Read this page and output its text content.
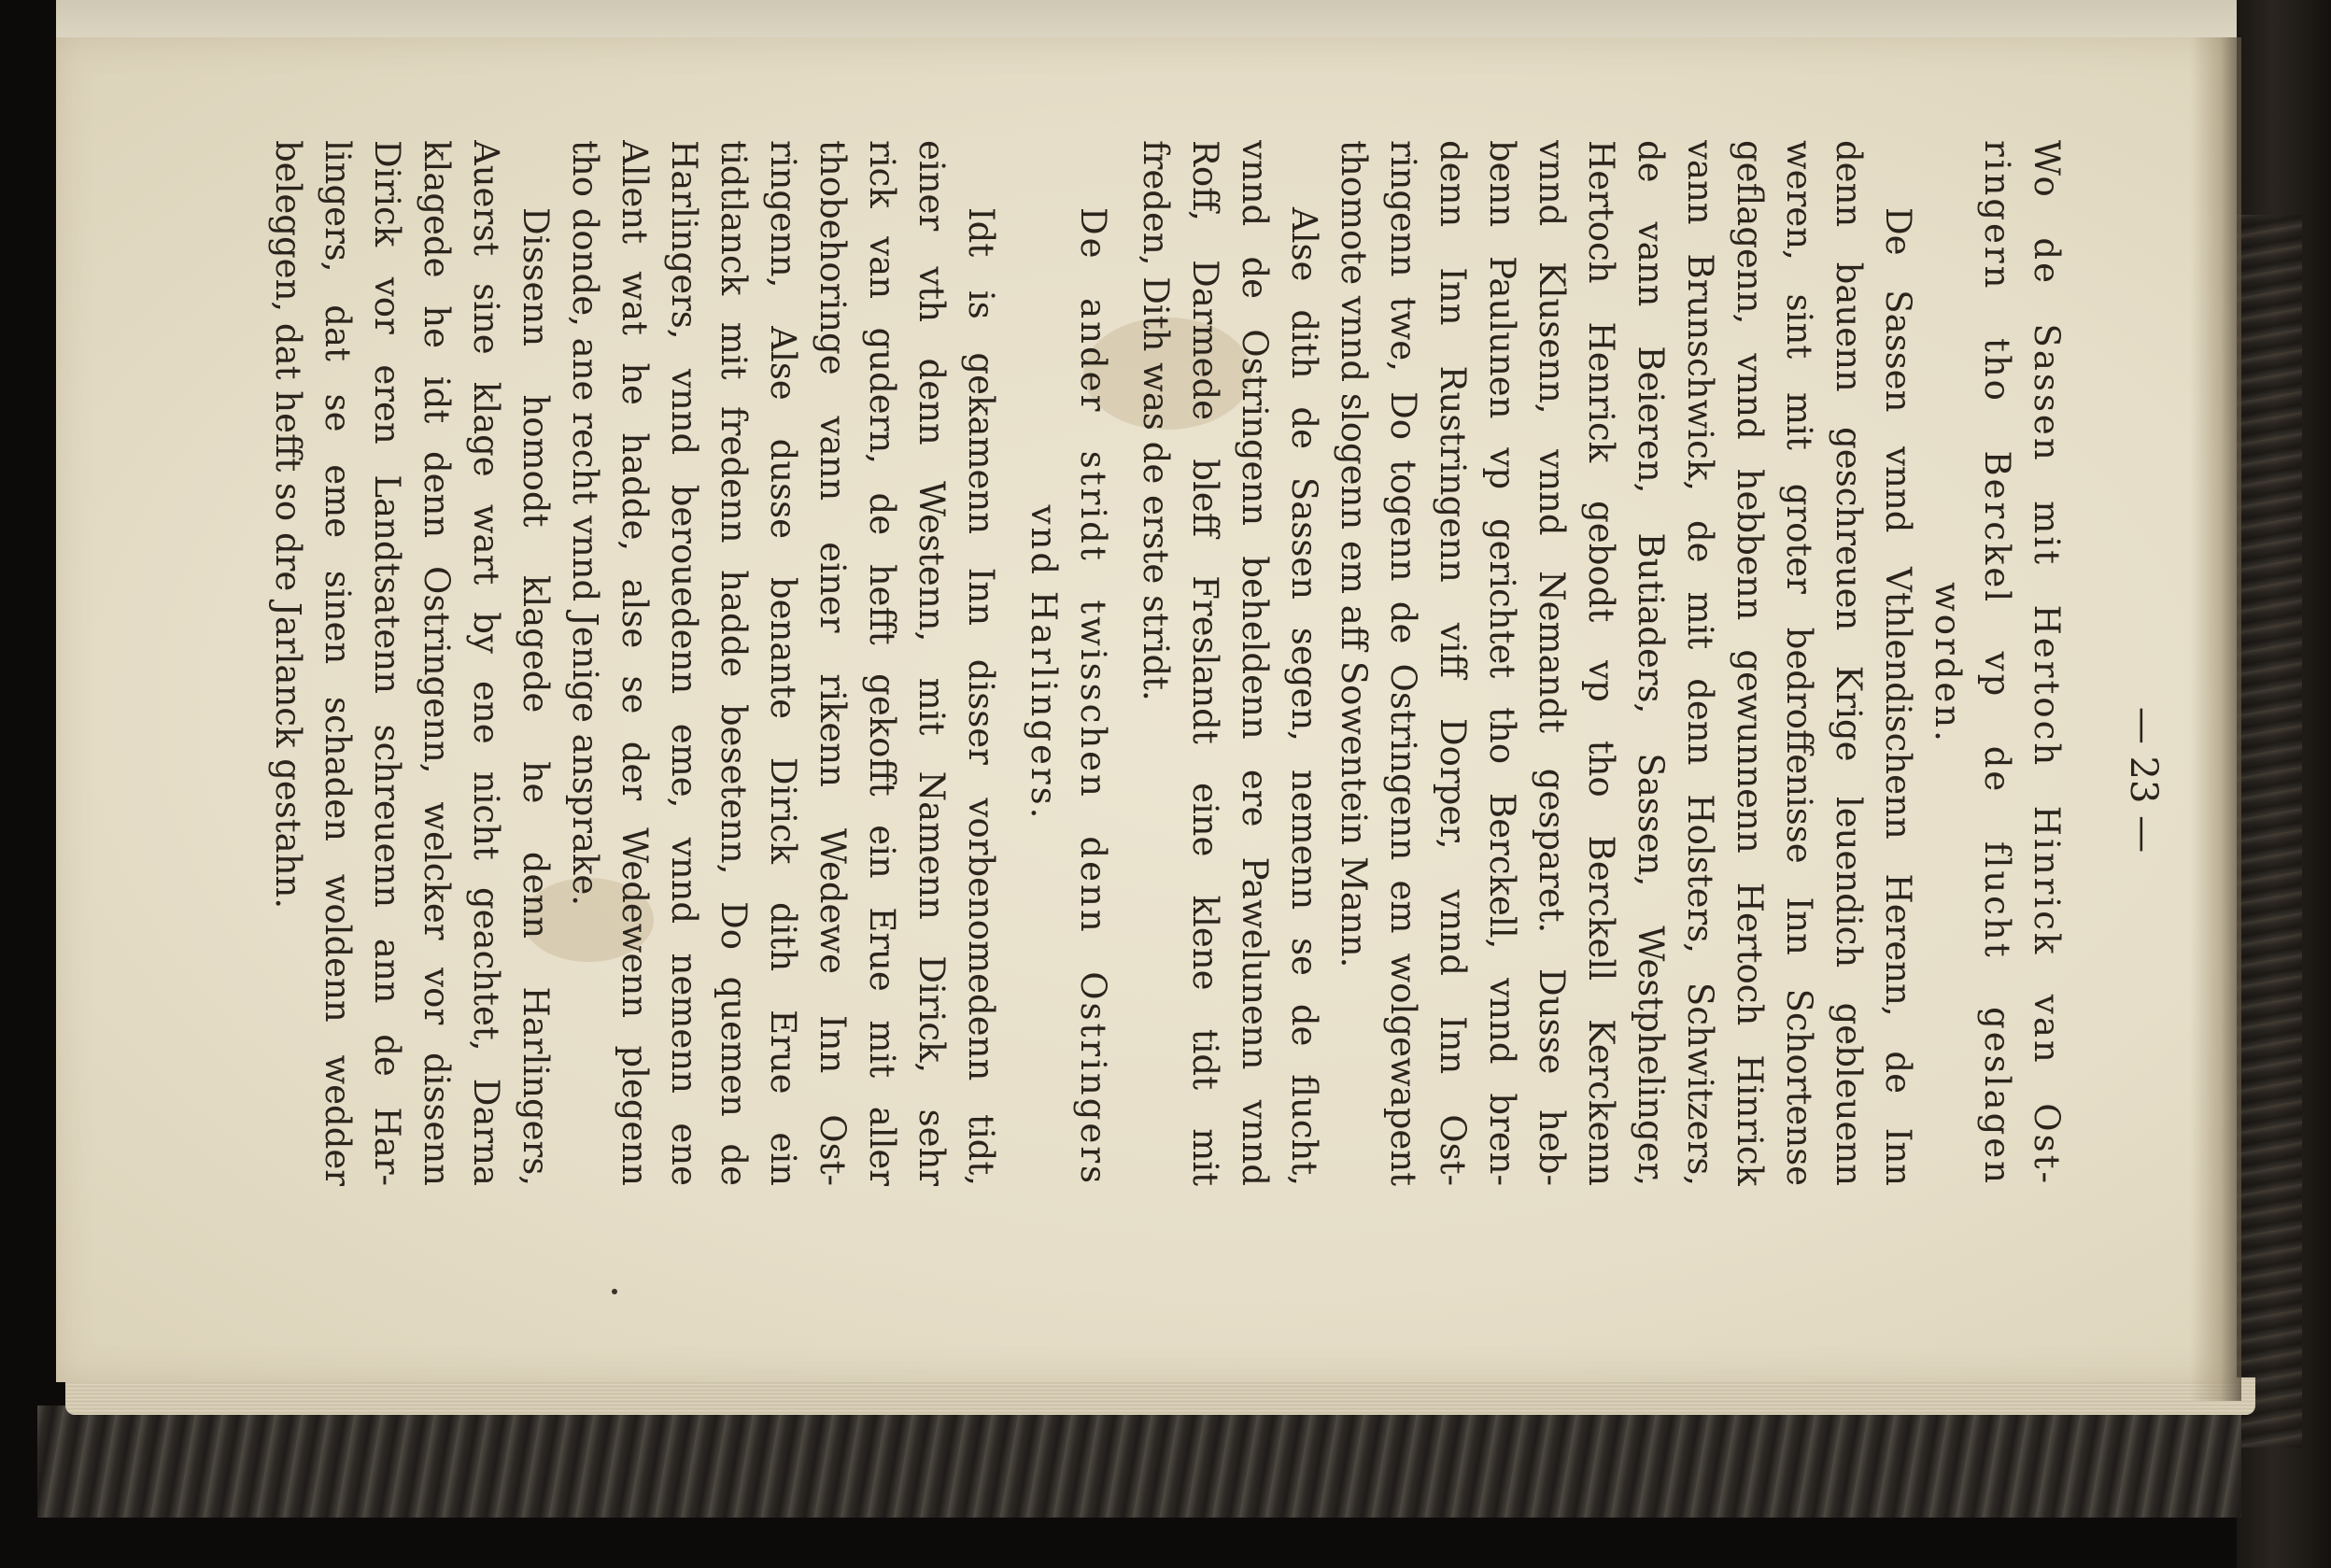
— 23 —
Wo de Sassen mit Hertoch Hinrick van Ost-
ringern tho Berckel vp de flucht geslagen
worden.
De Sassen vnnd Vthlendischenn Herenn, de Inn
denn bauenn geschreuen Krige leuendich gebleuenn
weren, sint mit groter bedroffenisse Inn Schortense
geflagenn, vnnd hebbenn gewunnenn Hertoch Hinrick
vann Brunschwick, de mit denn Holsters, Schwitzers,
de vann Beieren, Butiaders, Sassen, Westphelinger,
Hertoch Henrick gebodt vp tho Berckell Kerckenn
vnnd Klusenn, vnnd Nemandt gesparet. Dusse heb-
benn Paulunen vp gerichtet tho Berckell, vnnd bren-
denn Inn Rustringenn viff Dorper, vnnd Inn Ost-
ringenn twe, Do togenn de Ostringenn em wolgewapent
thomote vnnd slogenn em aff Sowentein Mann.
Alse dith de Sassen segen, nemenn se de flucht,
vnnd de Ostringenn beheldenn ere Pawelunenn vnnd
Roff, Darmede bleff Freslandt eine klene tidt mit
freden, Dith was de erste stridt.
De ander stridt twisschen denn Ostringers
vnd Harlingers.
Idt is gekamenn Inn disser vorbenomedenn tidt,
einer vth denn Westenn, mit Namenn Dirick, sehr
rick van gudern, de hefft gekofft ein Erue mit aller
thobehoringe vann einer rikenn Wedewe Inn Ost-
ringenn, Alse dusse benante Dirick dith Erue ein
tidtlanck mit fredenn hadde besetenn, Do quemen de
Harlingers, vnnd berouedenn eme, vnnd nemenn ene
Allent wat he hadde, alse se der Wedewenn plegenn
tho donde, ane recht vnnd Jenige ansprake.
Dissenn homodt klagede he denn Harlingers,
Auerst sine klage wart by ene nicht geachtet, Darna
klagede he idt denn Ostringenn, welcker vor dissenn
Dirick vor eren Landtsatenn schreuenn ann de Har-
lingers, dat se eme sinen schaden woldenn wedder
beleggen, dat hefft so dre Jarlanck gestahn.
